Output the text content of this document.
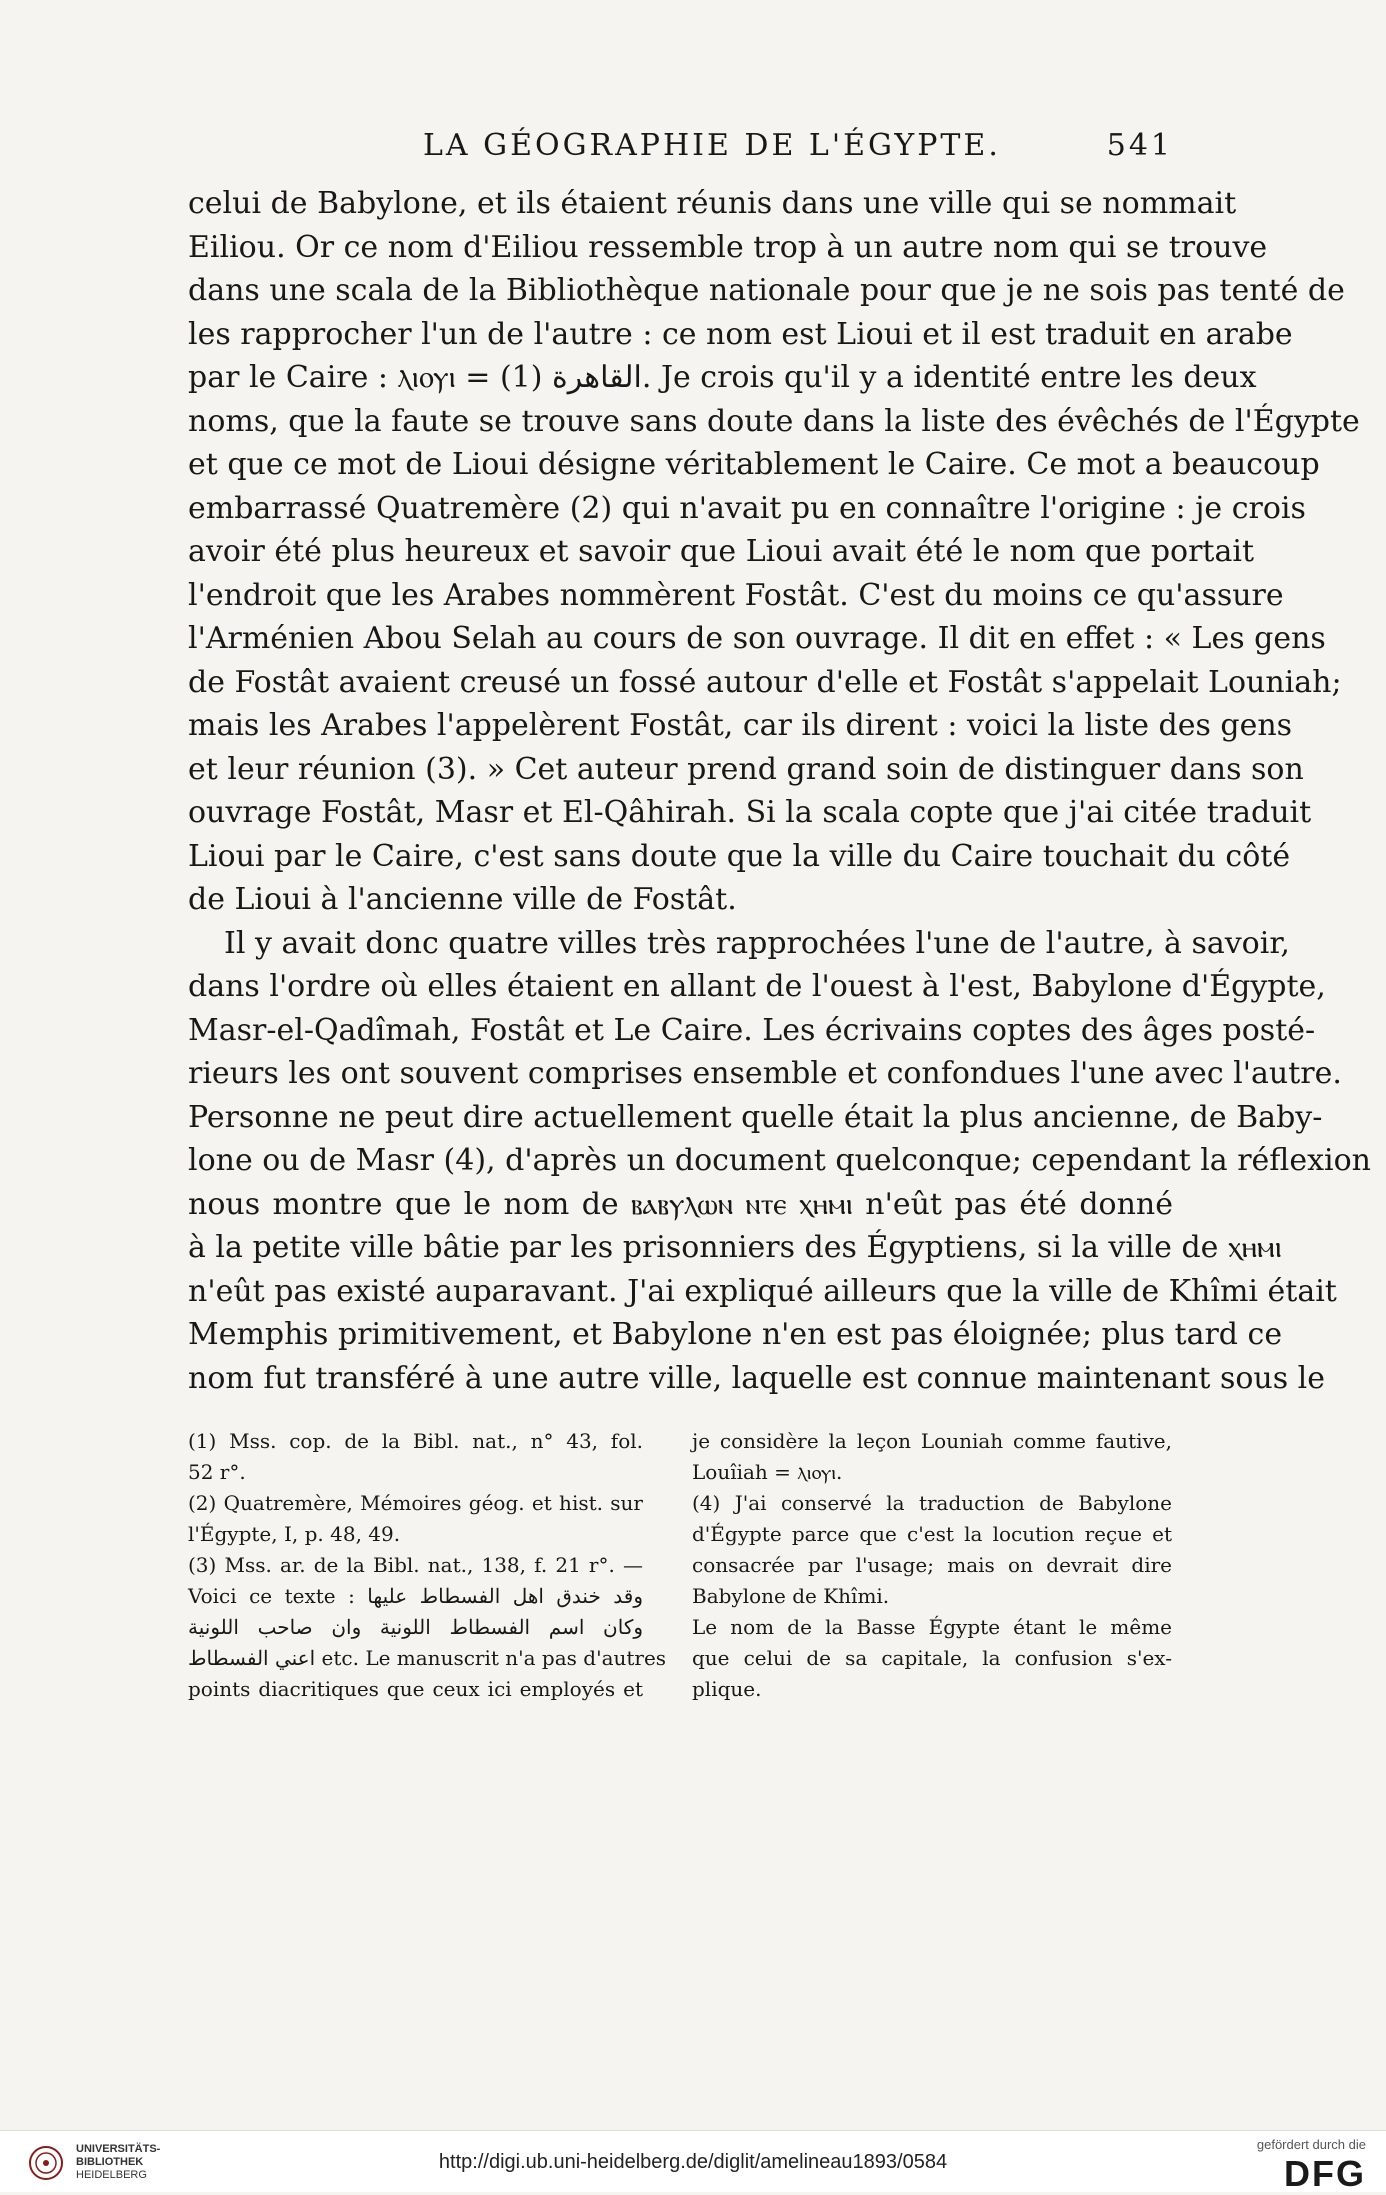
LA GÉOGRAPHIE DE L'ÉGYPTE.	541
celui de Babylone, et ils étaient réunis dans une ville qui se nommait
Eiliou. Or ce nom d'Eiliou ressemble trop à un autre nom qui se trouve
dans une scala de la Bibliothèque nationale pour que je ne sois pas tenté de
les rapprocher l'un de l'autre : ce nom est Lioui et il est traduit en arabe
par le Caire : ⲗⲓⲟⲩⲓ = القاهرة (1). Je crois qu'il y a identité entre les deux
noms, que la faute se trouve sans doute dans la liste des évêchés de l'Égypte
et que ce mot de Lioui désigne véritablement le Caire. Ce mot a beaucoup
embarrassé Quatremère (2) qui n'avait pu en connaître l'origine : je crois
avoir été plus heureux et savoir que Lioui avait été le nom que portait
l'endroit que les Arabes nommèrent Fostât. C'est du moins ce qu'assure
l'Arménien Abou Selah au cours de son ouvrage. Il dit en effet : « Les gens
de Fostât avaient creusé un fossé autour d'elle et Fostât s'appelait Louniah;
mais les Arabes l'appelèrent Fostât, car ils dirent : voici la liste des gens
et leur réunion (3). » Cet auteur prend grand soin de distinguer dans son
ouvrage Fostât, Masr et El-Qâhirah. Si la scala copte que j'ai citée traduit
Lioui par le Caire, c'est sans doute que la ville du Caire touchait du côté
de Lioui à l'ancienne ville de Fostât.
Il y avait donc quatre villes très rapprochées l'une de l'autre, à savoir,
dans l'ordre où elles étaient en allant de l'ouest à l'est, Babylone d'Égypte,
Masr-el-Qadîmah, Fostât et Le Caire. Les écrivains coptes des âges posté-
rieurs les ont souvent comprises ensemble et confondues l'une avec l'autre.
Personne ne peut dire actuellement quelle était la plus ancienne, de Baby-
lone ou de Masr (4), d'après un document quelconque; cependant la réflexion
nous montre que le nom de ⲃⲁⲃⲩⲗⲱⲛ ⲛⲧⲉ ⲭⲏⲙⲓ n'eût pas été donné
à la petite ville bâtie par les prisonniers des Égyptiens, si la ville de ⲭⲏⲙⲓ
n'eût pas existé auparavant. J'ai expliqué ailleurs que la ville de Khîmi était
Memphis primitivement, et Babylone n'en est pas éloignée; plus tard ce
nom fut transféré à une autre ville, laquelle est connue maintenant sous le
(1) Mss. cop. de la Bibl. nat., n° 43, fol.
52 r°.
(2) Quatremère, Mémoires géog. et hist. sur
l'Égypte, I, p. 48, 49.
(3) Mss. ar. de la Bibl. nat., 138, f. 21 r°. —
Voici ce texte : وقد خندق اهل الفسطاط عليها
وكان اسم الفسطاط اللونية وان صاحب اللونية
اعني الفسطاط etc. Le manuscrit n'a pas d'autres
points diacritiques que ceux ici employés et
je considère la leçon Louniah comme fautive,
Louîiah = ⲗⲓⲟⲩⲓ.
(4) J'ai conservé la traduction de Babylone
d'Égypte parce que c'est la locution reçue et
consacrée par l'usage; mais on devrait dire
Babylone de Khîmi.
Le nom de la Basse Égypte étant le même
que celui de sa capitale, la confusion s'ex-
plique.
UNIVERSITÄTS-
BIBLIOTHEK
HEIDELBERG
http://digi.ub.uni-heidelberg.de/diglit/amelineau1893/0584
gefördert durch die
DFG
